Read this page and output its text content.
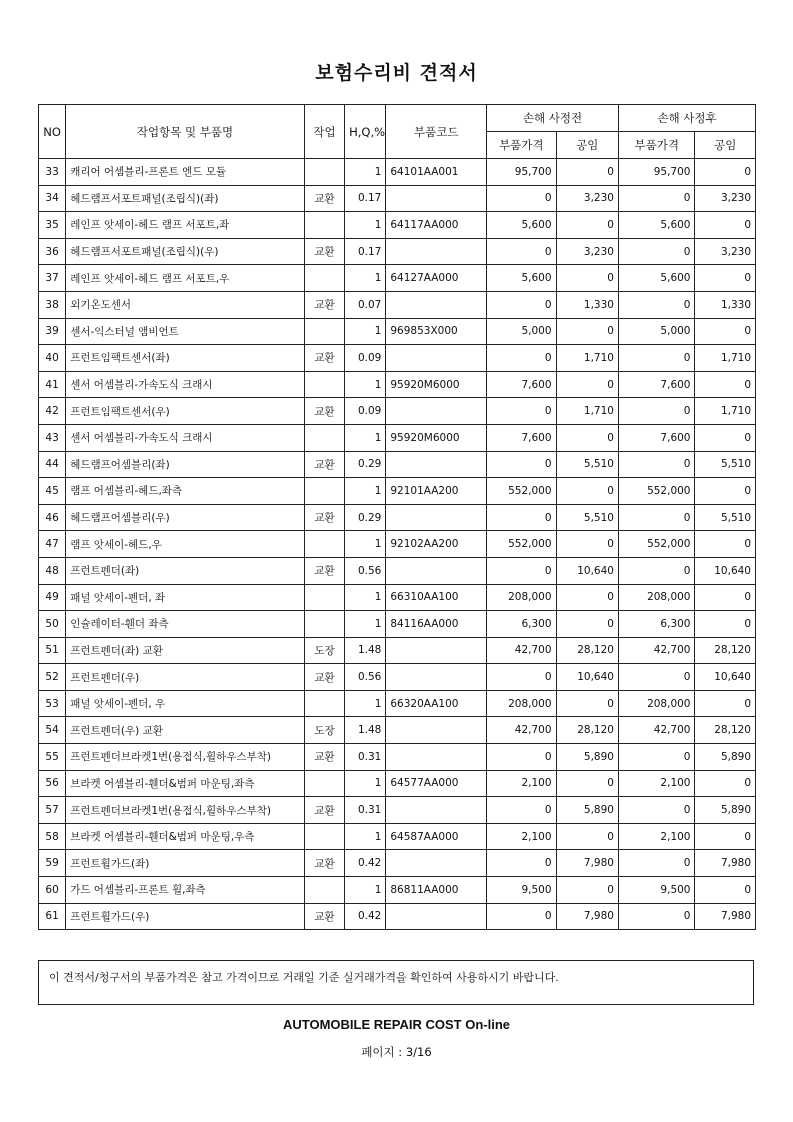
보험수리비 견적서
NO	작업항목 및 부품명	작업	H,Q,%	부품코드	손해 사정전		손해 사정후	
					부품가격	공임	부품가격	공임
33	캐리어 어셈블리-프론트 엔드 모듈		1	64101AA001	95,700	0	95,700	0
34	헤드램프서포트패널(조립식)(좌)	교환	0.17		0	3,230	0	3,230
35	레인프 앗세이-헤드 램프 서포트,좌		1	64117AA000	5,600	0	5,600	0
36	헤드램프서포트패널(조립식)(우)	교환	0.17		0	3,230	0	3,230
37	레인프 앗세이-헤드 램프 서포트,우		1	64127AA000	5,600	0	5,600	0
38	외기온도센서	교환	0.07		0	1,330	0	1,330
39	센서-익스터널 앰비언트		1	969853X000	5,000	0	5,000	0
40	프런트임팩트센서(좌)	교환	0.09		0	1,710	0	1,710
41	센서 어셈블리-가속도식 크래시		1	95920M6000	7,600	0	7,600	0
42	프런트임팩트센서(우)	교환	0.09		0	1,710	0	1,710
43	센서 어셈블리-가속도식 크래시		1	95920M6000	7,600	0	7,600	0
44	헤드램프어셈블리(좌)	교환	0.29		0	5,510	0	5,510
45	램프 어셈블리-헤드,좌측		1	92101AA200	552,000	0	552,000	0
46	헤드램프어셈블리(우)	교환	0.29		0	5,510	0	5,510
47	램프 앗세이-헤드,우		1	92102AA200	552,000	0	552,000	0
48	프런트펜더(좌)	교환	0.56		0	10,640	0	10,640
49	패널 앗세이-펜더, 좌		1	66310AA100	208,000	0	208,000	0
50	인슐레이터-휀더 좌측		1	84116AA000	6,300	0	6,300	0
51	프런트펜더(좌) 교환	도장	1.48		42,700	28,120	42,700	28,120
52	프런트펜더(우)	교환	0.56		0	10,640	0	10,640
53	패널 앗세이-펜더, 우		1	66320AA100	208,000	0	208,000	0
54	프런트펜더(우) 교환	도장	1.48		42,700	28,120	42,700	28,120
55	프런트펜더브라켓1번(용접식,휠하우스부착)	교환	0.31		0	5,890	0	5,890
56	브라켓 어셈블리-휀더&범퍼 마운팅,좌측		1	64577AA000	2,100	0	2,100	0
57	프런트펜더브라켓1번(용접식,휠하우스부착)	교환	0.31		0	5,890	0	5,890
58	브라켓 어셈블리-휀더&범퍼 마운팅,우측		1	64587AA000	2,100	0	2,100	0
59	프런트휠가드(좌)	교환	0.42		0	7,980	0	7,980
60	가드 어셈블리-프론트 휠,좌측		1	86811AA000	9,500	0	9,500	0
61	프런트휠가드(우)	교환	0.42		0	7,980	0	7,980
이 견적서/청구서의 부품가격은 참고 가격이므로 거래일 기준 실거래가격을 확인하여 사용하시기 바랍니다.
AUTOMOBILE REPAIR COST On-line
페이지 : 3/16
